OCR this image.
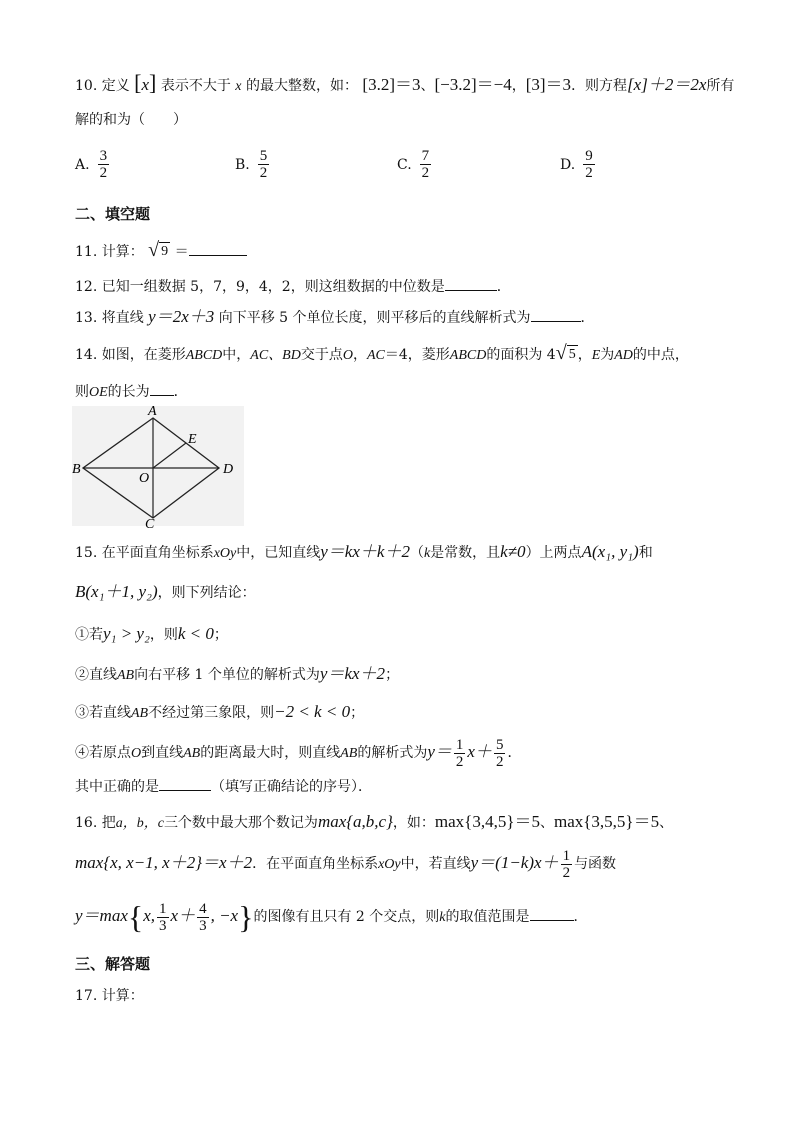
10. 定义 [x] 表示不大于 x 的最大整数，如： [3.2]＝3、[−3.2]＝−4，[3]＝3．则方程[x]＋2＝2x所有
解的和为（　　）
A. $\frac{3}{2}$	B. $\frac{5}{2}$	C. $\frac{7}{2}$	D. $\frac{9}{2}$
二、填空题
11. 计算： √ 9 ＝
12. 已知一组数据 5，7，9，4，2，则这组数据的中位数是	．
13. 将直线 y＝2x＋3 向下平移 5 个单位长度，则平移后的直线解析式为	．
14. 如图，在菱形ABCD中，AC、BD交于点O，AC＝4，菱形ABCD的面积为 4 √ 5 ，E为AD的中点，
则OE的长为 ．
A
B
C
D
E
O
15. 在平面直角坐标系xOy中，已知直线y＝kx＋k＋2（k是常数，且k≠0）上两点A(x₁, y₁)和
B(x₁＋1, y₂)，则下列结论：
①若y₁ > y₂，则k < 0；
②直线AB向右平移 1 个单位的解析式为y＝kx＋2；
③若直线AB不经过第三象限，则−2 < k < 0；
④若原点O到直线AB的距离最大时，则直线AB的解析式为$y= \frac{1}{2} x+ \frac{5}{2}$ ．
其中正确的是	（填写正确结论的序号）．
16. 把a，b，c三个数中最大那个数记为max{a,b,c}，如：max{3,4,5}＝5、max{3,5,5}＝5、
max{x, x−1, x＋2}＝x＋2．在平面直角坐标系xOy中，若直线$y=(1-k)x+ \frac{1}{2}$ 与函数
y＝max{x, $\frac{1}{3} x+ \frac{4}{3}$ , −x}的图像有且只有 2 个交点，则k的取值范围是	．
三、解答题
17. 计算：
